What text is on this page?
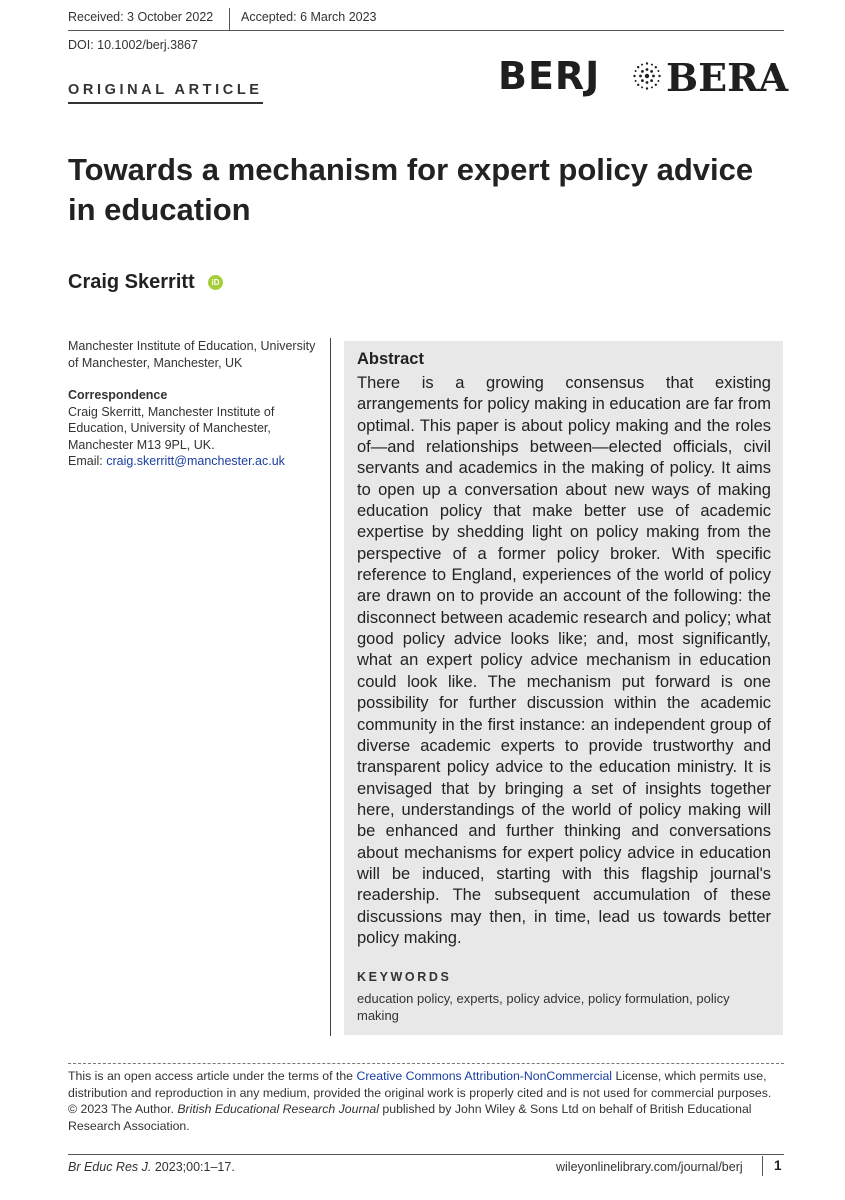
Received: 3 October 2022 Accepted: 6 March 2023
DOI: 10.1002/berj.3867
ORIGINAL ARTICLE	BERJ BERA
Towards a mechanism for expert policy advice in education
Craig Skerritt	iD
Manchester Institute of Education, University of Manchester, Manchester, UK
Correspondence
Craig Skerritt, Manchester Institute of Education, University of Manchester, Manchester M13 9PL, UK.
Email: craig.skerritt@manchester.ac.uk
Abstract
There is a growing consensus that existing arrangements for policy making in education are far from optimal. This paper is about policy making and the roles of—and relationships between—elected officials, civil servants and academics in the making of policy. It aims to open up a conversation about new ways of making education policy that make better use of academic expertise by shedding light on policy making from the perspective of a former policy broker. With specific reference to England, experiences of the world of policy are drawn on to provide an account of the following: the disconnect between academic research and policy; what good policy advice looks like; and, most significantly, what an expert policy advice mechanism in education could look like. The mechanism put forward is one possibility for further discussion within the academic community in the first instance: an independent group of diverse academic experts to provide trustworthy and transparent policy advice to the education ministry. It is envisaged that by bringing a set of insights together here, understandings of the world of policy making will be enhanced and further thinking and conversations about mechanisms for expert policy advice in education will be induced, starting with this flagship journal's readership. The subsequent accumulation of these discussions may then, in time, lead us towards better policy making.
KEYWORDS
education policy, experts, policy advice, policy formulation, policy making
This is an open access article under the terms of the Creative Commons Attribution-NonCommercial License, which permits use, distribution and reproduction in any medium, provided the original work is properly cited and is not used for commercial purposes.
© 2023 The Author. British Educational Research Journal published by John Wiley & Sons Ltd on behalf of British Educational Research Association.
Br Educ Res J. 2023;00:1–17.	wileyonlinelibrary.com/journal/berj 1
